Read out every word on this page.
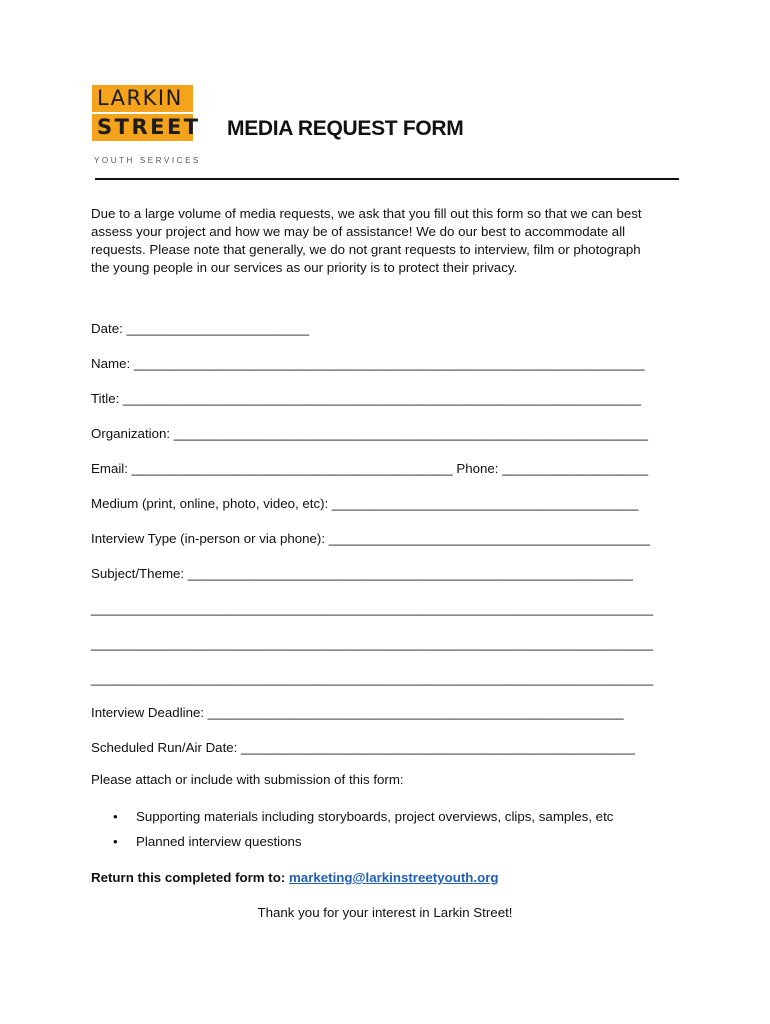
LARKIN
STREET
YOUTH SERVICES
MEDIA REQUEST FORM

Due to a large volume of media requests, we ask that you fill out this form so that we can best

assess your project and how we may be of assistance! We do our best to accommodate all

requests. Please note that generally, we do not grant requests to interview, film or photograph

the young people in our services as our priority is to protect their privacy.

Date: _________________________
Name: ______________________________________________________________________
Title: _______________________________________________________________________
Organization: _________________________________________________________________
Email: ____________________________________________ Phone: ____________________
Medium (print, online, photo, video, etc): __________________________________________
Interview Type (in-person or via phone): ____________________________________________
Subject/Theme: _____________________________________________________________
____________________________________________________________________________
____________________________________________________________________________
____________________________________________________________________________
Interview Deadline: _________________________________________________________
Scheduled Run/Air Date: ______________________________________________________
Please attach or include with submission of this form:
• Supporting materials including storyboards, project overviews, clips, samples, etc
• Planned interview questions
Return this completed form to: marketing@larkinstreetyouth.org
Thank you for your interest in Larkin Street!
